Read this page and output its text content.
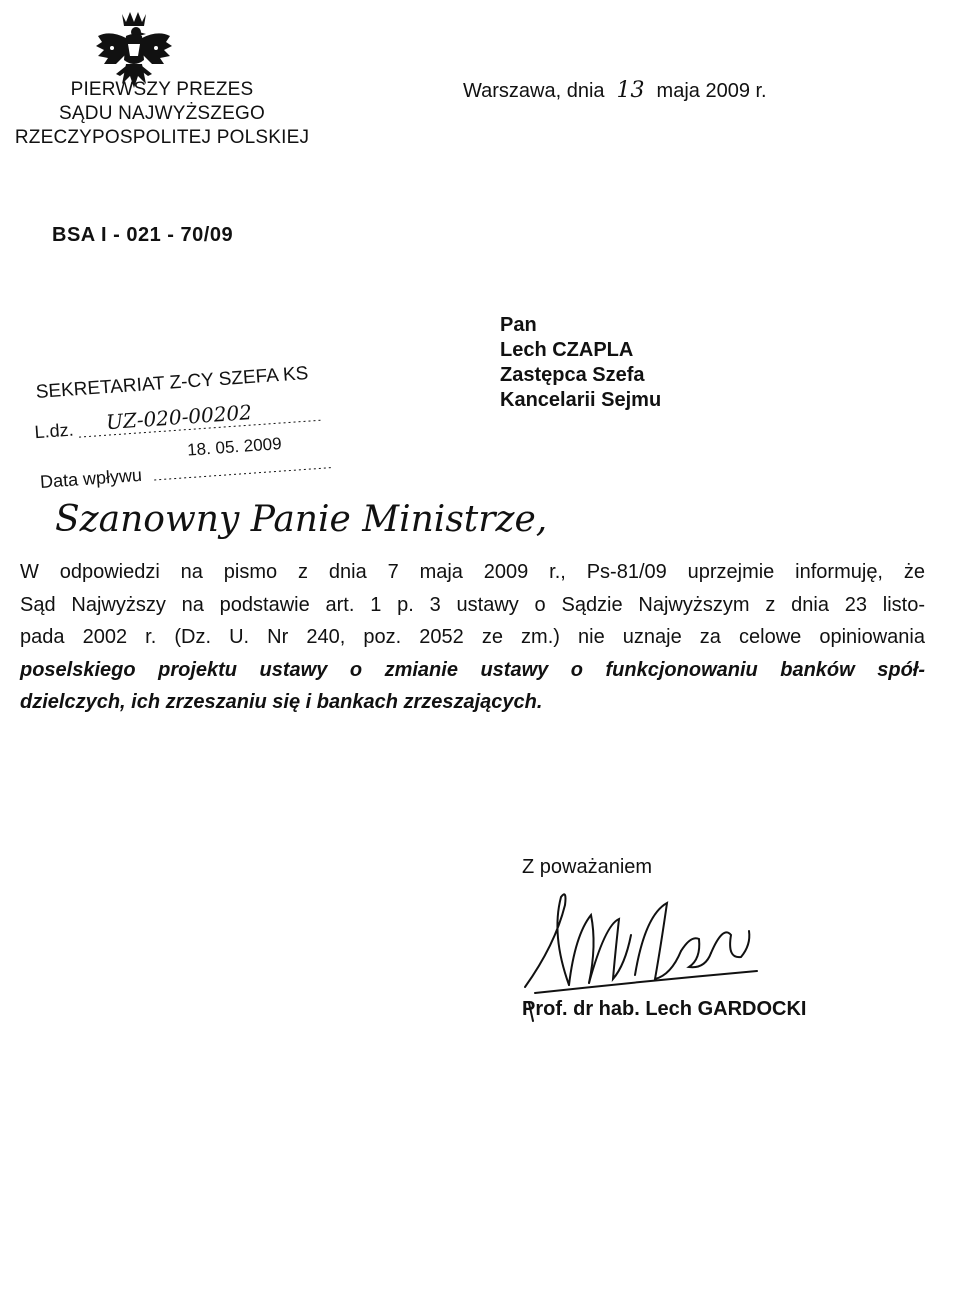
PIERWSZY PREZES
SĄDU NAJWYŻSZEGO
RZECZYPOSPOLITEJ POLSKIEJ
Warszawa, dnia 13 maja 2009 r.
BSA I - 021 - 70/09
Pan
Lech CZAPLA
Zastępca Szefa
Kancelarii Sejmu
SEKRETARIAT Z-CY SZEFA KS
L.dz. UZ-020-00202
18. 05. 2009
Data wpływu
Szanowny Panie Ministrze,

W odpowiedzi na pismo z dnia 7 maja 2009 r., Ps-81/09 uprzejmie informuję, że
Sąd Najwyższy na podstawie art. 1 p. 3 ustawy o Sądzie Najwyższym z dnia 23 listo-
pada 2002 r. (Dz. U. Nr 240, poz. 2052 ze zm.) nie uznaje za celowe opiniowania
poselskiego projektu ustawy o zmianie ustawy o funkcjonowaniu banków spół-
dzielczych, ich zrzeszaniu się i bankach zrzeszających.

Z poważaniem
Prof. dr hab. Lech GARDOCKI
